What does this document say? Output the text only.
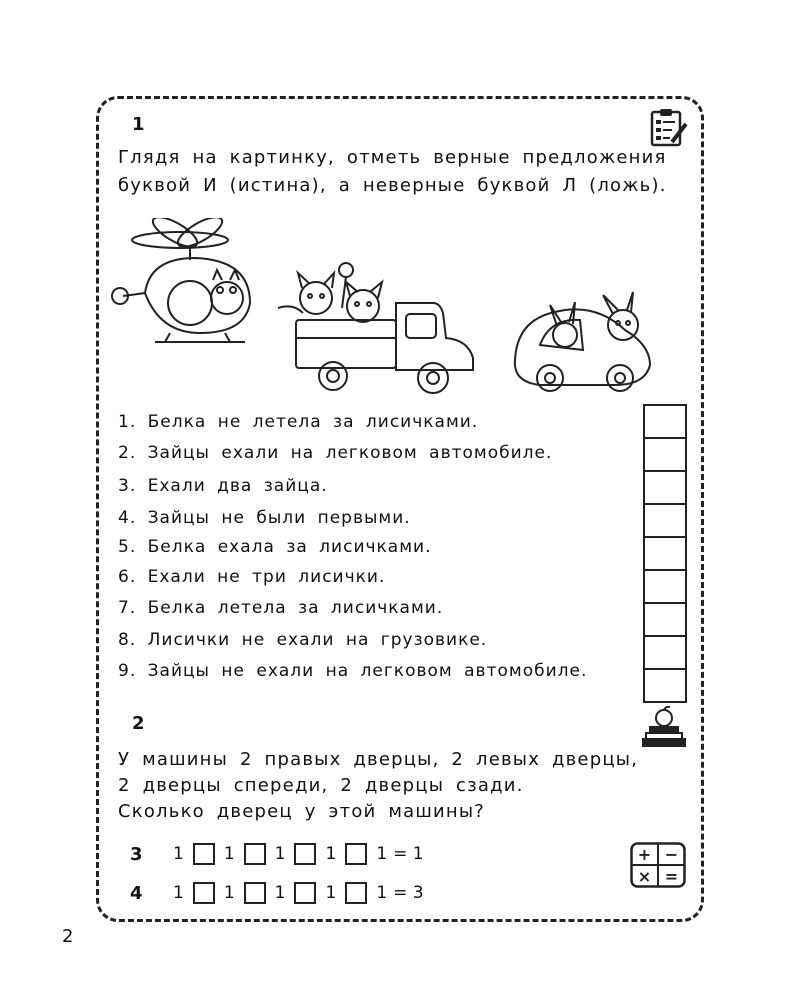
1
Глядя на картинку, отметь верные предложения
буквой И (истина), а неверные буквой Л (ложь).
1. Белка не летела за лисичками.
2. Зайцы ехали на легковом автомобиле.
3. Ехали два зайца.
4. Зайцы не были первыми.
5. Белка ехала за лисичками.
6. Ехали не три лисички.
7. Белка летела за лисичками.
8. Лисички не ехали на грузовике.
9. Зайцы не ехали на легковом автомобиле.
2
У машины 2 правых дверцы, 2 левых дверцы,
2 дверцы спереди, 2 дверцы сзади.
Сколько дверец у этой машины?
3	1 1 1 1 1 = 1
4	1 1 1 1 1 = 3
+ −
× =
2
